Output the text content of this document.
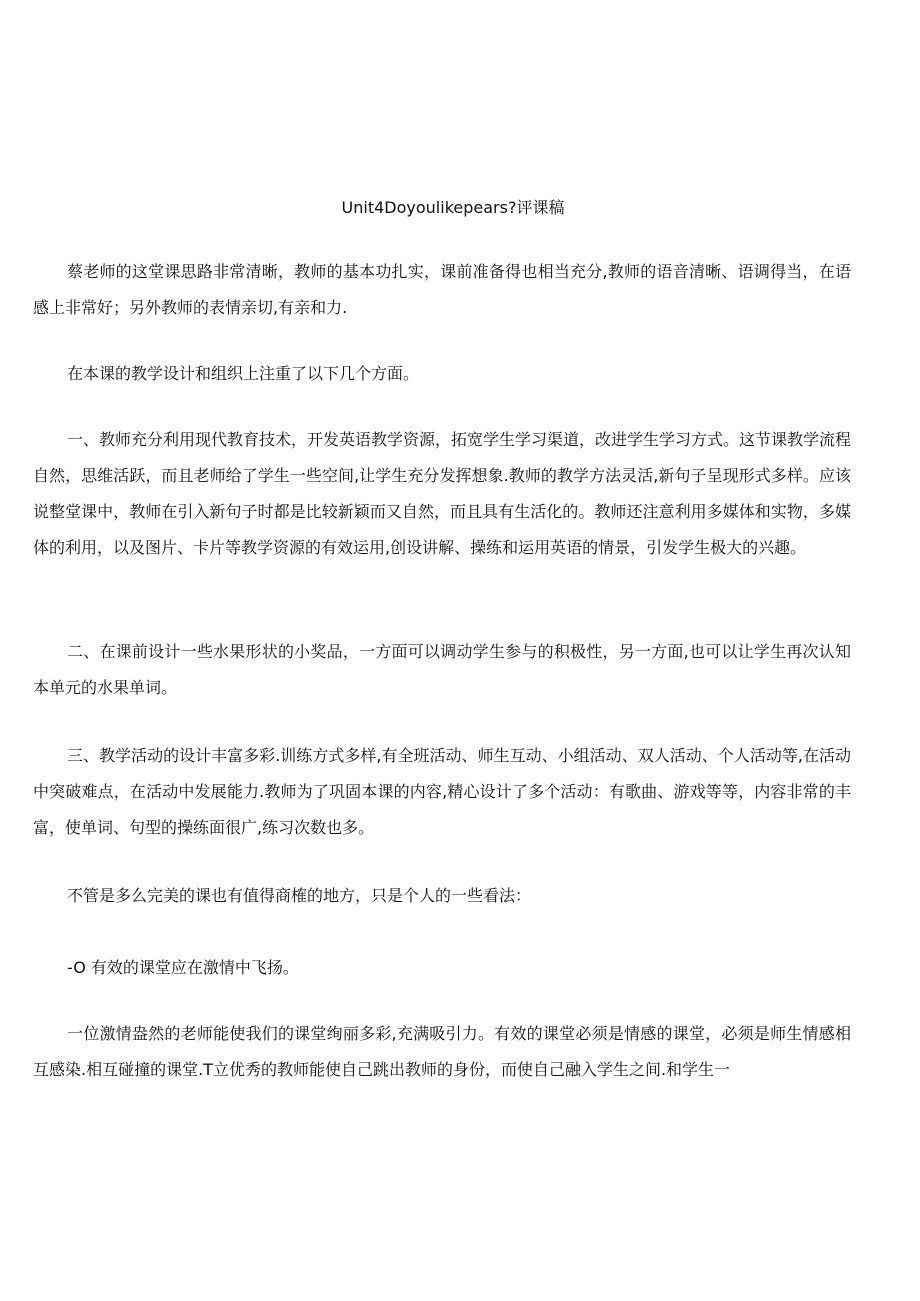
Unit4Doyoulikepears?评课稿

蔡老师的这堂课思路非常清晰，教师的基本功扎实，课前准备得也相当充分,教师的语音清晰、语调得当，在语感上非常好；另外教师的表情亲切,有亲和力.

在本课的教学设计和组织上注重了以下几个方面。

一、教师充分利用现代教育技术，开发英语教学资源，拓宽学生学习渠道，改进学生学习方式。这节课教学流程自然，思维活跃，而且老师给了学生一些空间,让学生充分发挥想象.教师的教学方法灵活,新句子呈现形式多样。应该说整堂课中，教师在引入新句子时都是比较新颖而又自然，而且具有生活化的。教师还注意利用多媒体和实物，多媒体的利用，以及图片、卡片等教学资源的有效运用,创设讲解、操练和运用英语的情景，引发学生极大的兴趣。

二、在课前设计一些水果形状的小奖品，一方面可以调动学生参与的积极性，另一方面,也可以让学生再次认知本单元的水果单词。

三、教学活动的设计丰富多彩.训练方式多样,有全班活动、师生互动、小组活动、双人活动、个人活动等,在活动中突破难点，在活动中发展能力.教师为了巩固本课的内容,精心设计了多个活动：有歌曲、游戏等等，内容非常的丰富，使单词、句型的操练面很广,练习次数也多。

不管是多么完美的课也有值得商榷的地方，只是个人的一些看法：

-O 有效的课堂应在激情中飞扬。

一位激情盎然的老师能使我们的课堂绚丽多彩,充满吸引力。有效的课堂必须是情感的课堂，必须是师生情感相互感染.相互碰撞的课堂.T立优秀的教师能使自己跳出教师的身份，而使自己融入学生之间.和学生一
